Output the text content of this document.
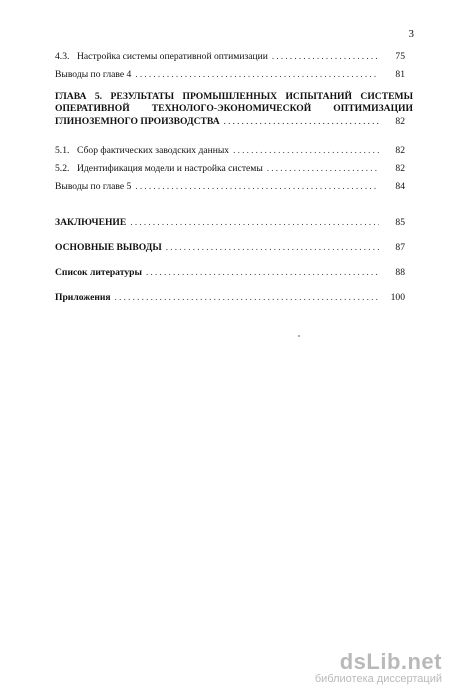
3
4.3. Настройка системы оперативной оптимизации . . .	75
Выводы по главе 4 . . .	81
ГЛАВА 5. РЕЗУЛЬТАТЫ ПРОМЫШЛЕННЫХ ИСПЫТАНИЙ СИСТЕМЫ
ОПЕРАТИВНОЙ ТЕХНОЛОГО-ЭКОНОМИЧЕСКОЙ ОПТИМИЗАЦИИ
ГЛИНОЗЕМНОГО ПРОИЗВОДСТВА . . .	82
5.1. Сбор фактических заводских данных . . .	82
5.2. Идентификация модели и настройка системы . . .	82
Выводы по главе 5 . . .	84
ЗАКЛЮЧЕНИЕ . . .	85
ОСНОВНЫЕ ВЫВОДЫ . . .	87
Список литературы . . .	88
Приложения . . .	100
dsLib.net
библиотека диссертаций
